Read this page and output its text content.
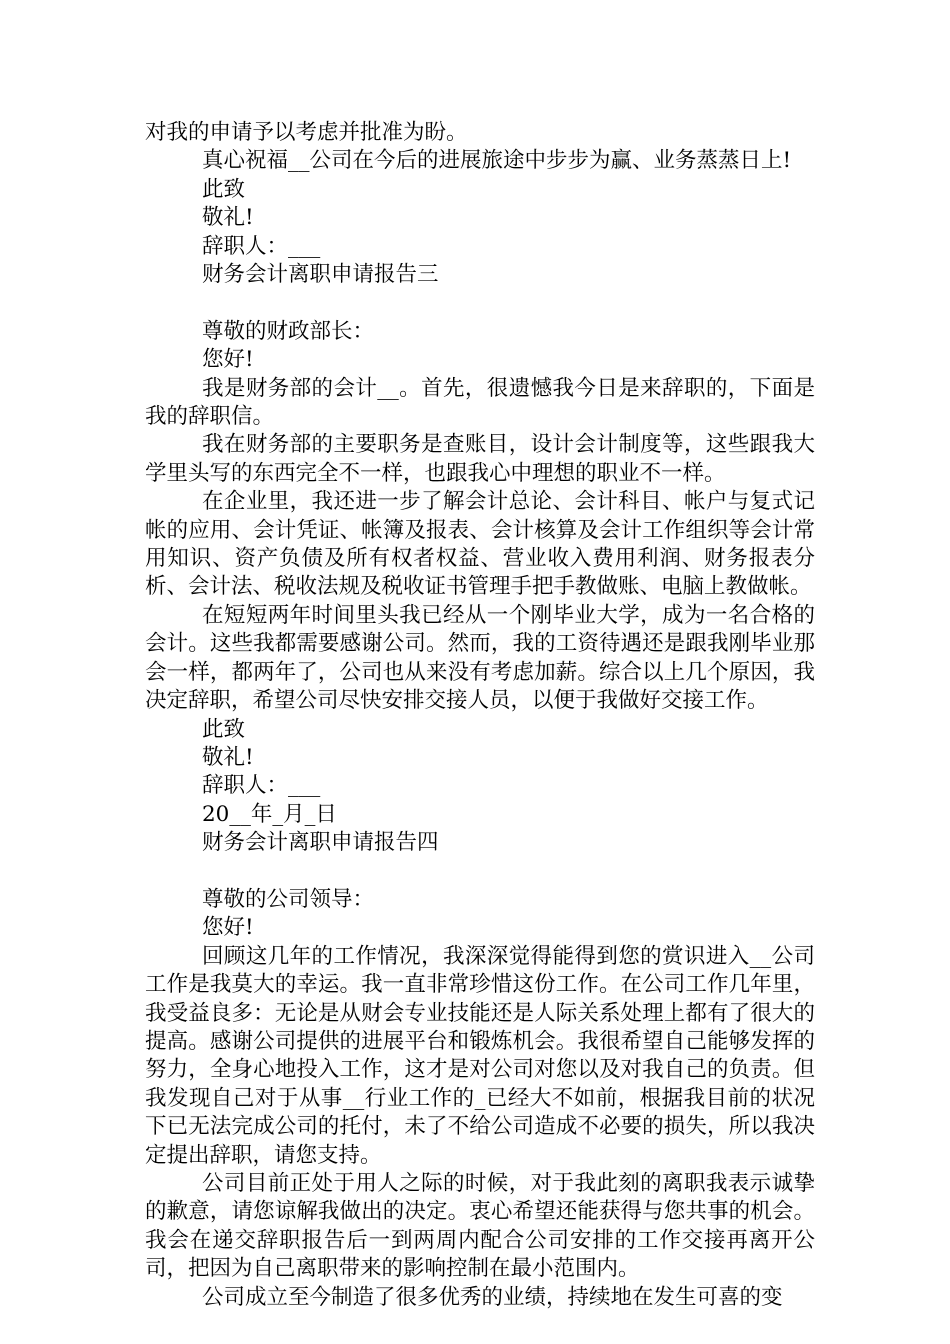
对我的申请予以考虑并批准为盼。

真心祝福__公司在今后的进展旅途中步步为赢、业务蒸蒸日上!

此致

敬礼!

辞职人：___

财务会计离职申请报告三

尊敬的财政部长：

您好!

我是财务部的会计__。首先，很遗憾我今日是来辞职的，下面是我的辞职信。

我在财务部的主要职务是查账目，设计会计制度等，这些跟我大学里头写的东西完全不一样，也跟我心中理想的职业不一样。

在企业里，我还进一步了解会计总论、会计科目、帐户与复式记帐的应用、会计凭证、帐簿及报表、会计核算及会计工作组织等会计常用知识、资产负债及所有权者权益、营业收入费用利润、财务报表分析、会计法、税收法规及税收证书管理手把手教做账、电脑上教做帐。

在短短两年时间里头我已经从一个刚毕业大学，成为一名合格的会计。这些我都需要感谢公司。然而，我的工资待遇还是跟我刚毕业那会一样，都两年了，公司也从来没有考虑加薪。综合以上几个原因，我决定辞职，希望公司尽快安排交接人员，以便于我做好交接工作。

此致

敬礼!

辞职人：___

20__年_月_日

财务会计离职申请报告四

尊敬的公司领导：

您好!

回顾这几年的工作情况，我深深觉得能得到您的赏识进入__公司工作是我莫大的幸运。我一直非常珍惜这份工作。在公司工作几年里，我受益良多：无论是从财会专业技能还是人际关系处理上都有了很大的提高。感谢公司提供的进展平台和锻炼机会。我很希望自己能够发挥的努力，全身心地投入工作，这才是对公司对您以及对我自己的负责。但我发现自己对于从事__行业工作的_已经大不如前，根据我目前的状况下已无法完成公司的托付，未了不给公司造成不必要的损失，所以我决定提出辞职，请您支持。

公司目前正处于用人之际的时候，对于我此刻的离职我表示诚挚的歉意，请您谅解我做出的决定。衷心希望还能获得与您共事的机会。我会在递交辞职报告后一到两周内配合公司安排的工作交接再离开公司，把因为自己离职带来的影响控制在最小范围内。

公司成立至今制造了很多优秀的业绩，持续地在发生可喜的变
